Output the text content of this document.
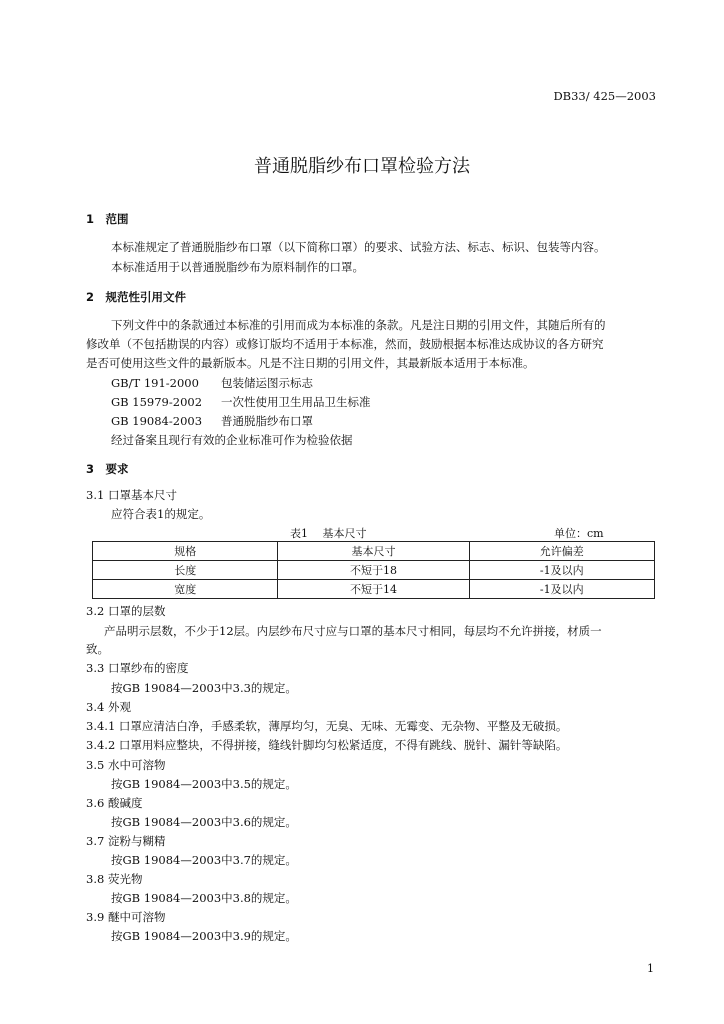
DB33/ 425—2003
普通脱脂纱布口罩检验方法
1　范围
本标准规定了普通脱脂纱布口罩（以下简称口罩）的要求、试验方法、标志、标识、包装等内容。
本标准适用于以普通脱脂纱布为原料制作的口罩。
2　规范性引用文件
下列文件中的条款通过本标准的引用而成为本标准的条款。凡是注日期的引用文件，其随后所有的
修改单（不包括勘误的内容）或修订版均不适用于本标准，然而，鼓励根据本标准达成协议的各方研究
是否可使用这些文件的最新版本。凡是不注日期的引用文件，其最新版本适用于本标准。
GB/T 191-2000 包装储运图示标志
GB 15979-2002 一次性使用卫生用品卫生标准
GB 19084-2003 普通脱脂纱布口罩
经过备案且现行有效的企业标准可作为检验依据
3　要求
3.1 口罩基本尺寸
应符合表1的规定。
表1　 基本尺寸	单位：cm
规格	基本尺寸	允许偏差
长度	不短于18	-1及以内
宽度	不短于14	-1及以内
3.2 口罩的层数
产品明示层数，不少于12层。内层纱布尺寸应与口罩的基本尺寸相同，每层均不允许拼接，材质一
致。
3.3 口罩纱布的密度
按GB 19084—2003中3.3的规定。
3.4 外观
3.4.1 口罩应清洁白净，手感柔软，薄厚均匀，无臭、无味、无霉变、无杂物、平整及无破损。
3.4.2 口罩用料应整块，不得拼接，缝线针脚均匀松紧适度，不得有跳线、脱针、漏针等缺陷。
3.5 水中可溶物
按GB 19084—2003中3.5的规定。
3.6 酸碱度
按GB 19084—2003中3.6的规定。
3.7 淀粉与糊精
按GB 19084—2003中3.7的规定。
3.8 荧光物
按GB 19084—2003中3.8的规定。
3.9 醚中可溶物
按GB 19084—2003中3.9的规定。
1
